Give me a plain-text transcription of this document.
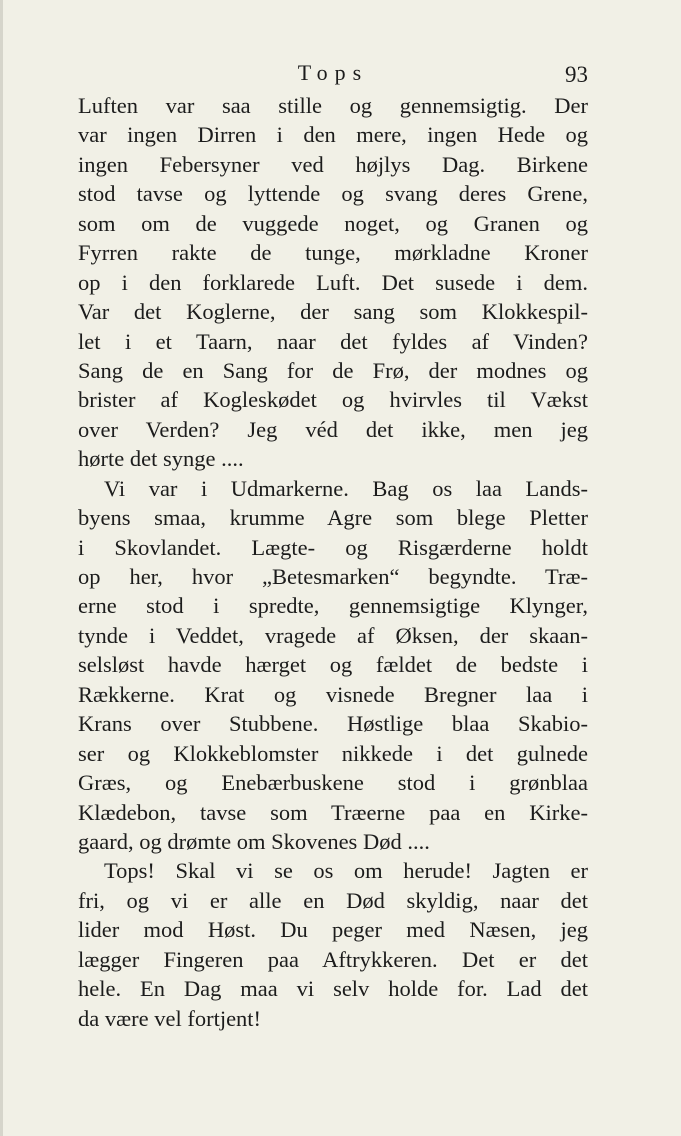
Tops	93
Luften var saa stille og gennemsigtig. Der
var ingen Dirren i den mere, ingen Hede og
ingen Febersyner ved højlys Dag. Birkene
stod tavse og lyttende og svang deres Grene,
som om de vuggede noget, og Granen og
Fyrren rakte de tunge, mørkladne Kroner
op i den forklarede Luft. Det susede i dem.
Var det Koglerne, der sang som Klokkespil-
let i et Taarn, naar det fyldes af Vinden?
Sang de en Sang for de Frø, der modnes og
brister af Kogleskødet og hvirvles til Vækst
over Verden? Jeg véd det ikke, men jeg
hørte det synge ....
Vi var i Udmarkerne. Bag os laa Lands-
byens smaa, krumme Agre som blege Pletter
i Skovlandet. Lægte- og Risgærderne holdt
op her, hvor „Betesmarken“ begyndte. Træ-
erne stod i spredte, gennemsigtige Klynger,
tynde i Veddet, vragede af Øksen, der skaan-
selsløst havde hærget og fældet de bedste i
Rækkerne. Krat og visnede Bregner laa i
Krans over Stubbene. Høstlige blaa Skabio-
ser og Klokkeblomster nikkede i det gulnede
Græs, og Enebærbuskene stod i grønblaa
Klædebon, tavse som Træerne paa en Kirke-
gaard, og drømte om Skovenes Død ....
Tops! Skal vi se os om herude! Jagten er
fri, og vi er alle en Død skyldig, naar det
lider mod Høst. Du peger med Næsen, jeg
lægger Fingeren paa Aftrykkeren. Det er det
hele. En Dag maa vi selv holde for. Lad det
da være vel fortjent!
